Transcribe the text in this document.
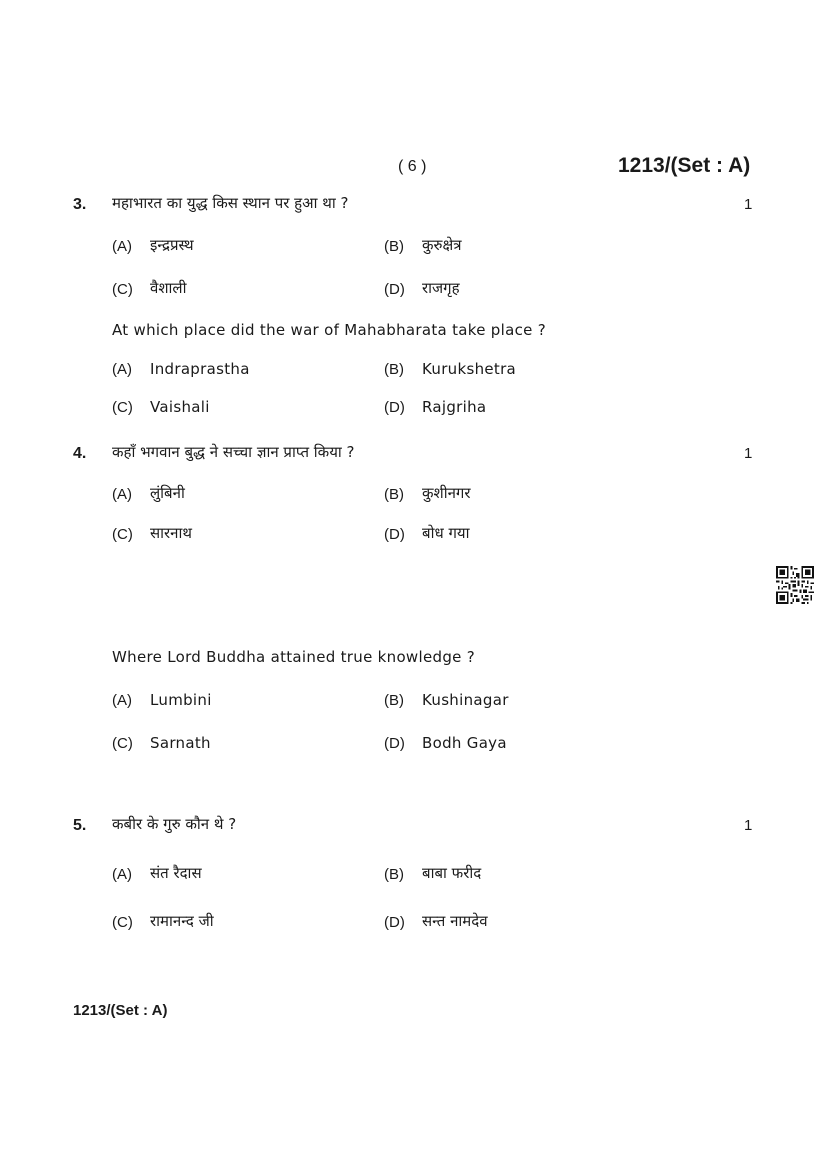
( 6 )	1213/(Set : A)
3. महाभारत का युद्ध किस स्थान पर हुआ था ?	1
(A) इन्द्रप्रस्थ	(B) कुरुक्षेत्र
(C) वैशाली	(D) राजगृह
At which place did the war of Mahabharata take place ?
(A) Indraprastha	(B) Kurukshetra
(C) Vaishali	(D) Rajgriha
4. कहाँ भगवान बुद्ध ने सच्चा ज्ञान प्राप्त किया ?	1
(A) लुंबिनी	(B) कुशीनगर
(C) सारनाथ	(D) बोध गया
Where Lord Buddha attained true knowledge ?
(A) Lumbini	(B) Kushinagar
(C) Sarnath	(D) Bodh Gaya
5. कबीर के गुरु कौन थे ?	1
(A) संत रैदास	(B) बाबा फरीद
(C) रामानन्द जी	(D) सन्त नामदेव
1213/(Set : A)
